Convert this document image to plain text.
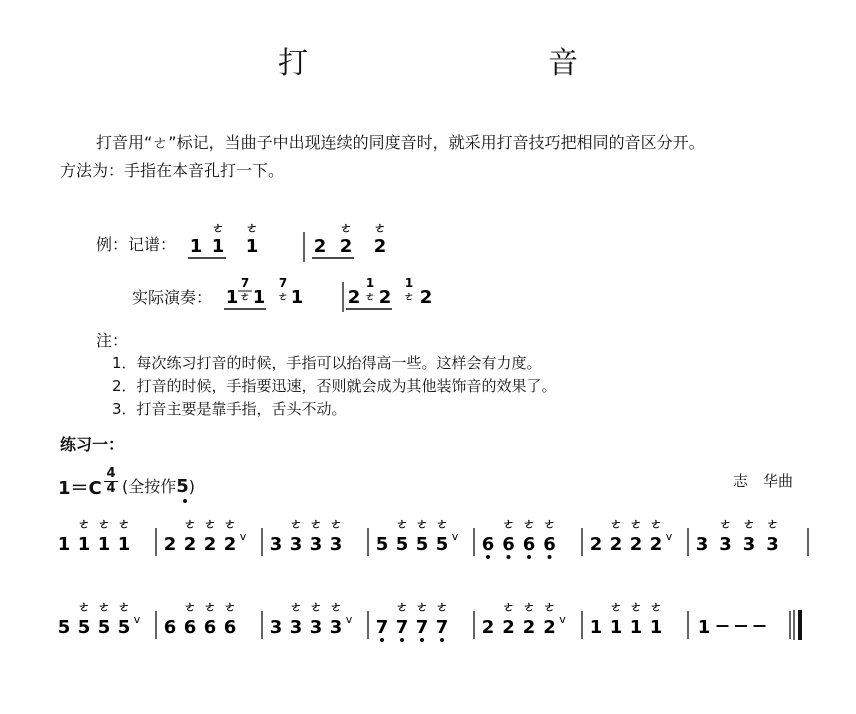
打　　音
打音用“ㄜ”标记，当曲子中出现连续的同度音时，就采用打音技巧把相同的音区分开。
方法为：手指在本音孔打一下。
例：记谱：
实际演奏：
1 1
ㄜ
1
ㄜ
2 2
ㄜ
2
ㄜ
1
7
ㄜ 1
7
ㄜ 1 2
1
ㄜ 2
1
ㄜ 2
1 1
ㄜ
1
ㄜ
1
ㄜ
2 2
ㄜ
2
ㄜ
2
ㄜ
v 3 3
ㄜ
3
ㄜ
3
ㄜ
5 5
ㄜ
5
ㄜ
5
ㄜ
v 6 6
ㄜ
6
ㄜ
6
ㄜ
2 2
ㄜ
2
ㄜ
2
ㄜ
v 3 3
ㄜ
3
ㄜ
3
ㄜ
5 5
ㄜ
5
ㄜ
5
ㄜ
v 6 6
ㄜ
6
ㄜ
6
ㄜ
3 3
ㄜ
3
ㄜ
3
ㄜ
v 7 7
ㄜ
7
ㄜ
7
ㄜ
2 2
ㄜ
2
ㄜ
2
ㄜ
v 1 1
ㄜ
1
ㄜ
1
ㄜ
1
注：
1．每次练习打音的时候，手指可以抬得高一些。这样会有力度。
2．打音的时候，手指要迅速，否则就会成为其他装饰音的效果了。
3．打音主要是靠手指，舌头不动。
练习一：
1＝C
4
4 (全按作5)	志　华曲
